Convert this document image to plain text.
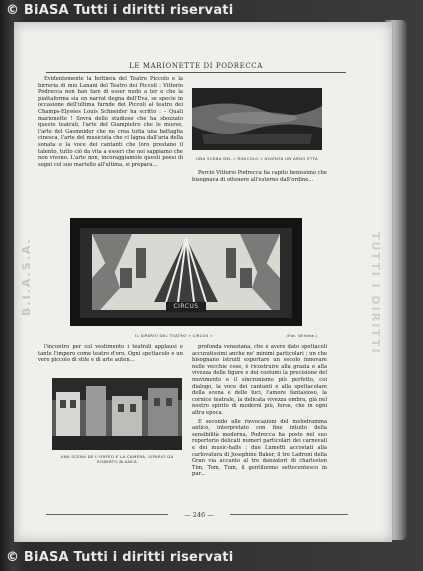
© BiASA Tutti i diritti riservati
B.I.A.S.A.	TUTTI I DIRITTI
LE MARIONETTE DI PODRECCA

Evidentemente la bottiera del Teatro Piccolo e la birreria di mio Lanani del Teatro dei Piccoli : Vittorio Podrecca non han fare di esser nudo a ter e che la piattaforma sia un narrat degna dell'Eva, se specie in occasione dell'ultima furnde dei Piccoli al teatro dei Champs-Elysées Louis Schneider ha scritto : – Quali marionette ! Sovra dello studioso che ha sbozzato queste teatrali, l'arte del Giampietro che le muove, l'arte del Gasmnider che ne crea tutta una battaglia cinesca, l'arte del musicista che ci lagna dall'aria della sonata e la voce dei cantanti che loro prestano il talento, tutto ciò da vita a esseri che noi sappiamo che non vivono. L'arte non, incoraggiamole questi poesi di sogni col suo martello all'ultima, si prepara...

UNA SCENA DEL « RIDICOLO » DIVENTA UN ARDO ETTA

Perciò Vittorio Podrecca ha capito benissimo che bisognava di ottenere all'esterno dall'ordine...

CIRCUS
IL SIPARIO DEL TEATRO « CIRCUS »	(Fot. Willeke.)

l'incontro per col vestimento i teatrali applausi e tante l'impero come teatro d'oro. Ogni spettacolo e un vero piccolo di stile e di arte auten...

UNA SCENA DE L'ORFEO E LA CAMERA, SIPARIO DA ROBERTO BLANCA

profonda veneziana, che è avere dato spettacoli accuratissimi anche ne' minimi particolari ; un che bisognano istruiti esportare un secolo innovare nelle vecchie cose, è ricostruire alla grazia e alla vivezza delle figure e dei costumi la precisione del movimento e il sincronismo più perfetto, coi dialogo, la voce dei cantanti e alla spettacolare della scena e delle luci, l'amore fantasioso, la cornice teatrale, la delicata vivezza ombra, già nel nostro spirito di moderni più, forse, che in ogni altra epoca.

E secondo alle rievocazioni del melodramma antico, interpretato con fine intuito della sensibilità moderna, Podrecca ha posto nel suo repertorio delicati numeri particolari dei carnevali e dei music-halls : due Lumetti accostati alla carlovatura di Josephine Baker, il tre Ladroni della Gran via accanto al tre danzatori di charleston Tim, Tom, Tum, il gentiluomo settecentesco in par...

— 246 —
© BiASA Tutti i diritti riservati
